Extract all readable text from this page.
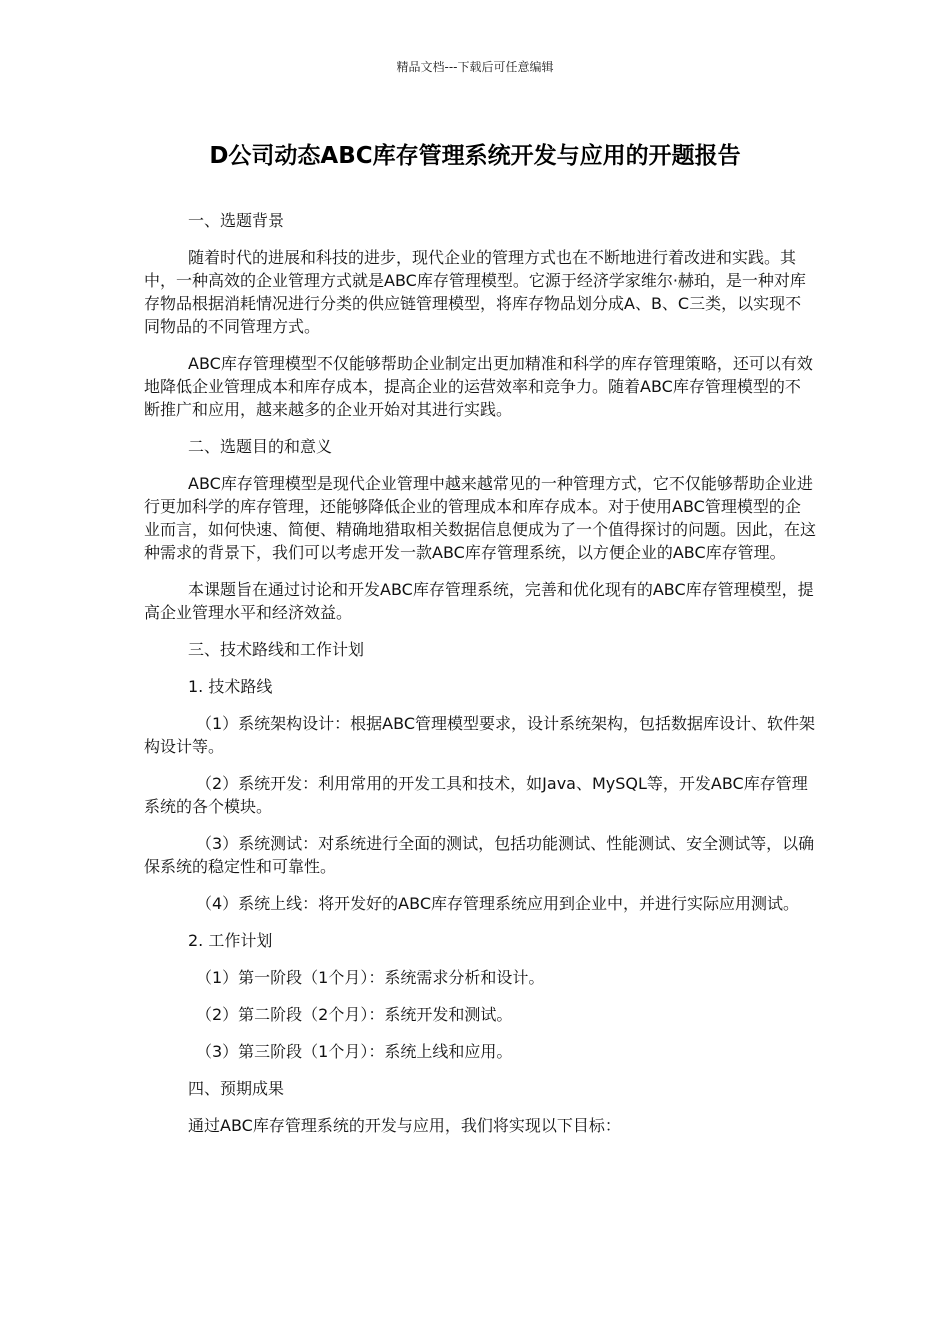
精品文档---下载后可任意编辑
D公司动态ABC库存管理系统开发与应用的开题报告

一、选题背景

随着时代的进展和科技的进步，现代企业的管理方式也在不断地进行着改进和实践。其中，一种高效的企业管理方式就是ABC库存管理模型。它源于经济学家维尔·赫珀，是一种对库存物品根据消耗情况进行分类的供应链管理模型，将库存物品划分成A、B、C三类，以实现不同物品的不同管理方式。

ABC库存管理模型不仅能够帮助企业制定出更加精准和科学的库存管理策略，还可以有效地降低企业管理成本和库存成本，提高企业的运营效率和竞争力。随着ABC库存管理模型的不断推广和应用，越来越多的企业开始对其进行实践。

二、选题目的和意义

ABC库存管理模型是现代企业管理中越来越常见的一种管理方式，它不仅能够帮助企业进行更加科学的库存管理，还能够降低企业的管理成本和库存成本。对于使用ABC管理模型的企业而言，如何快速、简便、精确地猎取相关数据信息便成为了一个值得探讨的问题。因此，在这种需求的背景下，我们可以考虑开发一款ABC库存管理系统，以方便企业的ABC库存管理。

本课题旨在通过讨论和开发ABC库存管理系统，完善和优化现有的ABC库存管理模型，提高企业管理水平和经济效益。

三、技术路线和工作计划

1. 技术路线

（1）系统架构设计：根据ABC管理模型要求，设计系统架构，包括数据库设计、软件架构设计等。

（2）系统开发：利用常用的开发工具和技术，如Java、MySQL等，开发ABC库存管理系统的各个模块。

（3）系统测试：对系统进行全面的测试，包括功能测试、性能测试、安全测试等，以确保系统的稳定性和可靠性。

（4）系统上线：将开发好的ABC库存管理系统应用到企业中，并进行实际应用测试。

2. 工作计划

（1）第一阶段（1个月）：系统需求分析和设计。

（2）第二阶段（2个月）：系统开发和测试。

（3）第三阶段（1个月）：系统上线和应用。

四、预期成果

通过ABC库存管理系统的开发与应用，我们将实现以下目标：
